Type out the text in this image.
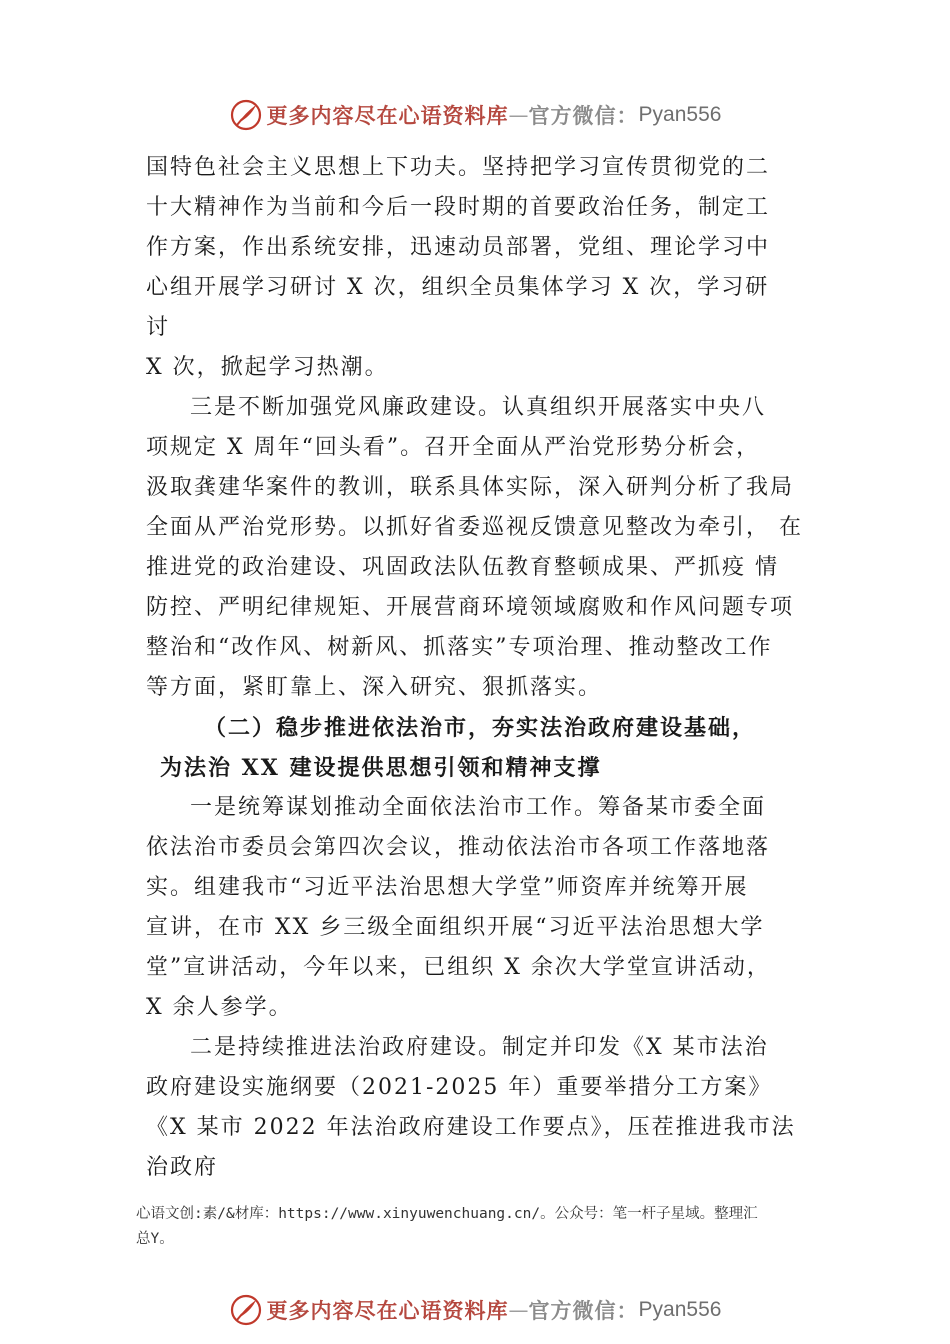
更多内容尽在心语资料库 — 官方微信： Pyan556
国特色社会主义思想上下功夫。坚持把学习宣传贯彻党的二
十大精神作为当前和今后一段时期的首要政治任务，制定工
作方案，作出系统安排，迅速动员部署，党组、理论学习中
心组开展学习研讨 X 次，组织全员集体学习 X 次，学习研
讨
X 次，掀起学习热潮。
三是不断加强党风廉政建设。认真组织开展落实中央八
项规定 X 周年“回头看”。召开全面从严治党形势分析会，
汲取龚建华案件的教训，联系具体实际，深入研判分析了我局
全面从严治党形势。以抓好省委巡视反馈意见整改为牵引， 在
推进党的政治建设、巩固政法队伍教育整顿成果、严抓疫 情
防控、严明纪律规矩、开展营商环境领域腐败和作风问题专项
整治和“改作风、树新风、抓落实”专项治理、推动整改工作
等方面，紧盯靠上、深入研究、狠抓落实。
（二）稳步推进依法治市，夯实法治政府建设基础，
为法治 XX 建设提供思想引领和精神支撑
一是统筹谋划推动全面依法治市工作。筹备某市委全面
依法治市委员会第四次会议，推动依法治市各项工作落地落
实。组建我市“习近平法治思想大学堂”师资库并统筹开展
宣讲，在市 XX 乡三级全面组织开展“习近平法治思想大学
堂”宣讲活动，今年以来，已组织 X 余次大学堂宣讲活动，
X 余人参学。
二是持续推进法治政府建设。制定并印发《X 某市法治
政府建设实施纲要（2021-2025 年）重要举措分工方案》
《X 某市 2022 年法治政府建设工作要点》，压茬推进我市法
治政府
心语文创:素/&材库：https://www.xinyuwenchuang.cn/。公众号：笔一杆子星域。整理汇
总Y。
更多内容尽在心语资料库 — 官方微信： Pyan556
